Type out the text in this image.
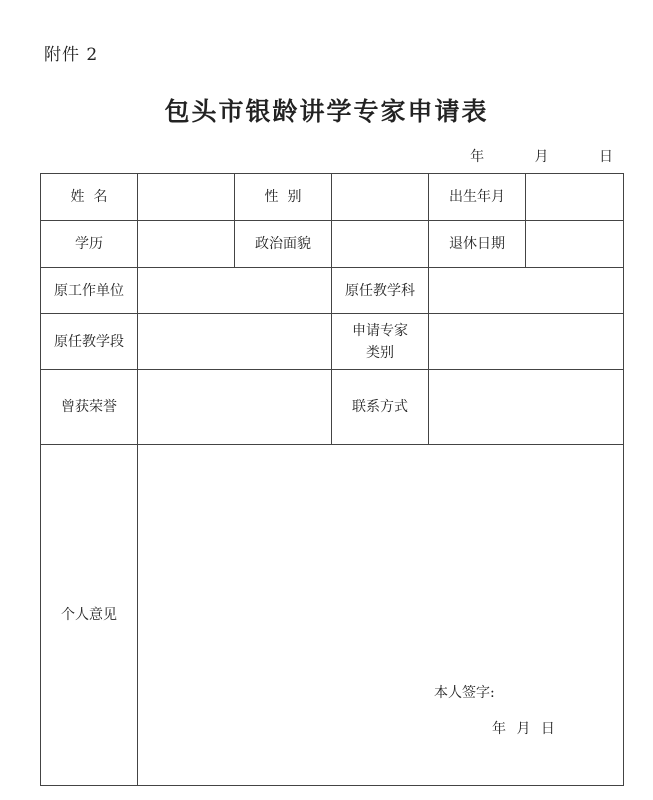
附件 2
包头市银龄讲学专家申请表
年	月	日
姓  名		性  别		出生年月	
学历		政治面貌		退休日期	
原工作单位			原任教学科		
原任教学段			申请专家类别		

曾获荣誉			联系方式		
个人意见					
本人签字:
年 月 日
